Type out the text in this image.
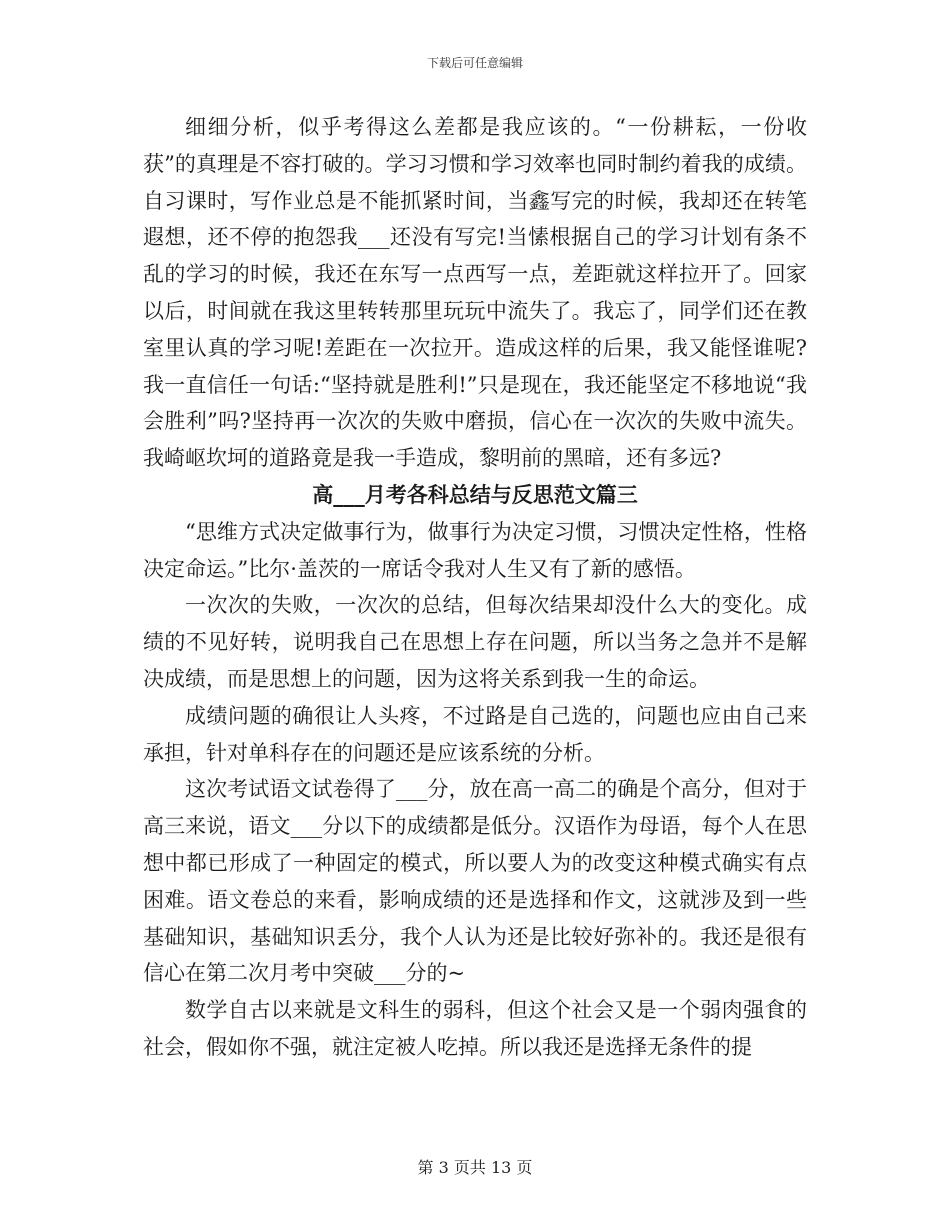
下载后可任意编辑

细细分析，似乎考得这么差都是我应该的。“一份耕耘，一份收获”的真理是不容打破的。学习习惯和学习效率也同时制约着我的成绩。自习课时，写作业总是不能抓紧时间，当鑫写完的时候，我却还在转笔遐想，还不停的抱怨我___还没有写完!当愫根据自己的学习计划有条不乱的学习的时候，我还在东写一点西写一点，差距就这样拉开了。回家以后，时间就在我这里转转那里玩玩中流失了。我忘了，同学们还在教室里认真的学习呢!差距在一次拉开。造成这样的后果，我又能怪谁呢?我一直信任一句话:“坚持就是胜利!”只是现在，我还能坚定不移地说“我会胜利”吗?坚持再一次次的失败中磨损，信心在一次次的失败中流失。我崎岖坎坷的道路竟是我一手造成，黎明前的黑暗，还有多远?

高___月考各科总结与反思范文篇三

“思维方式决定做事行为，做事行为决定习惯，习惯决定性格，性格决定命运。”比尔·盖茨的一席话令我对人生又有了新的感悟。

一次次的失败，一次次的总结，但每次结果却没什么大的变化。成绩的不见好转，说明我自己在思想上存在问题，所以当务之急并不是解决成绩，而是思想上的问题，因为这将关系到我一生的命运。

成绩问题的确很让人头疼，不过路是自己选的，问题也应由自己来承担，针对单科存在的问题还是应该系统的分析。

这次考试语文试卷得了___分，放在高一高二的确是个高分，但对于高三来说，语文___分以下的成绩都是低分。汉语作为母语，每个人在思想中都已形成了一种固定的模式，所以要人为的改变这种模式确实有点困难。语文卷总的来看，影响成绩的还是选择和作文，这就涉及到一些基础知识，基础知识丢分，我个人认为还是比较好弥补的。我还是很有信心在第二次月考中突破___分的~

数学自古以来就是文科生的弱科，但这个社会又是一个弱肉强食的社会，假如你不强，就注定被人吃掉。所以我还是选择无条件的提

第 3 页共 13 页
